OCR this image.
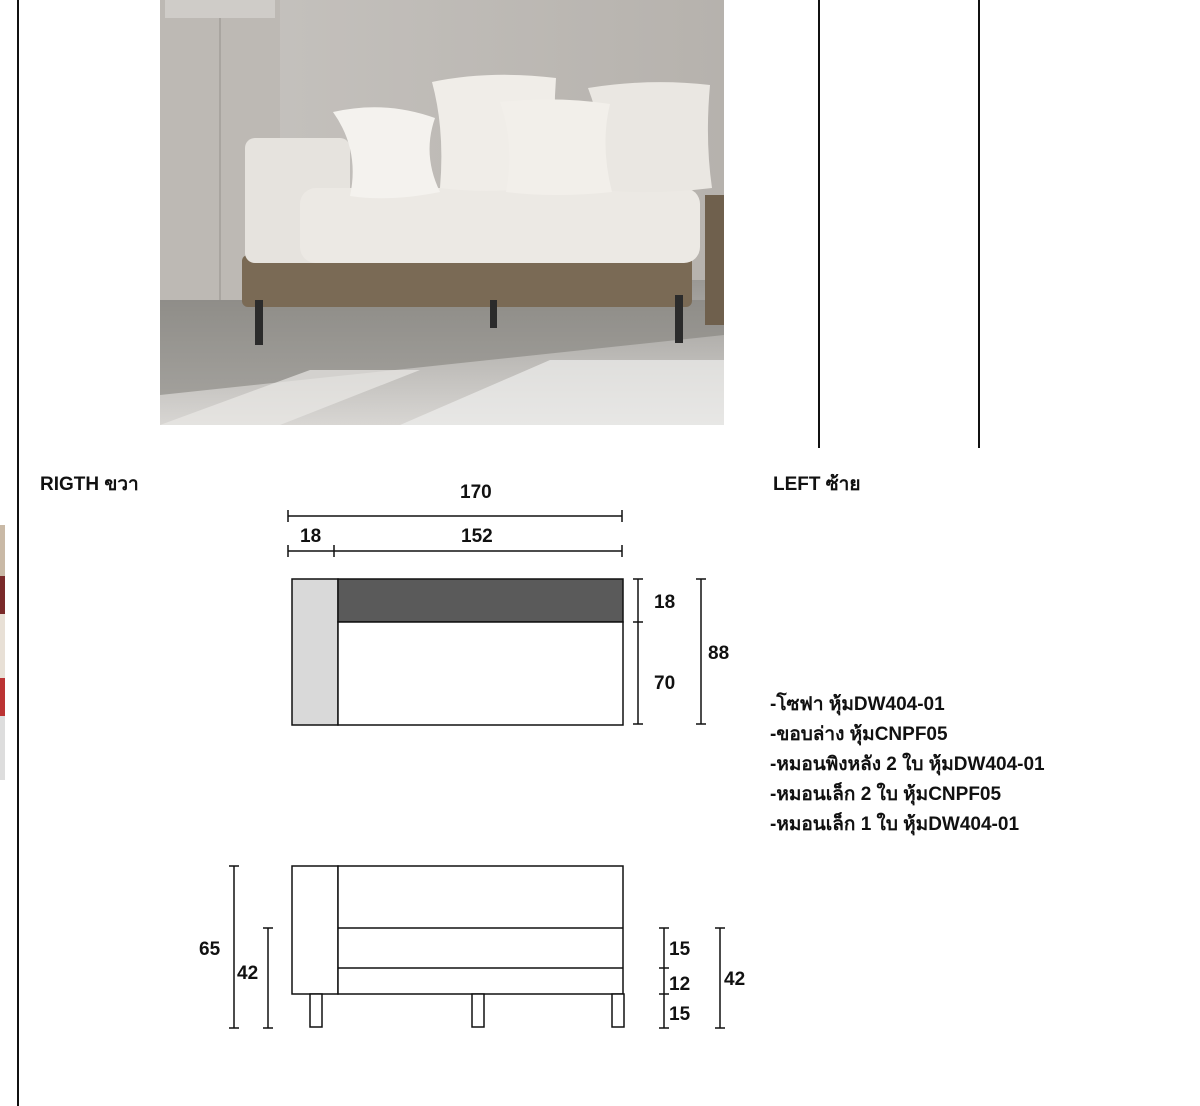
RIGTH ขวา	LEFT ซ้าย
170
18	152
18
70
88
65
42
15
12
15
42
-โซฟา หุ้มDW404-01
-ขอบล่าง หุ้มCNPF05
-หมอนพิงหลัง 2 ใบ หุ้มDW404-01
-หมอนเล็ก 2 ใบ หุ้มCNPF05
-หมอนเล็ก 1 ใบ หุ้มDW404-01
